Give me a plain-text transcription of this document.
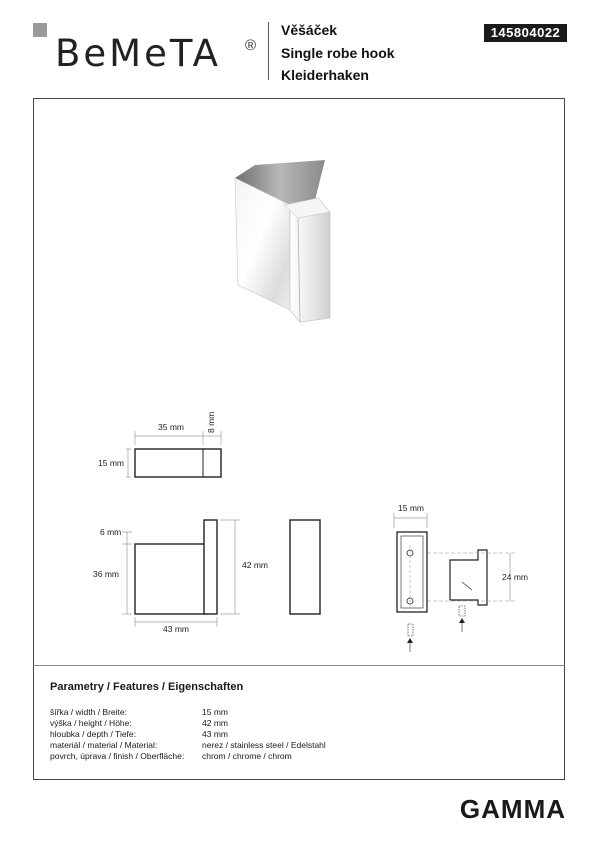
BeMeTA ®
Věšáček
Single robe hook
Kleiderhaken
145804022
35 mm	8 mm
15 mm
6 mm
36 mm
43 mm
42 mm
15 mm
24 mm
Parametry / Features / Eigenschaften
šířka / width / Breite:	15 mm
výška / height / Höhe:	42 mm
hloubka / depth / Tiefe:	43 mm
materiál / material / Material:	nerez / stainless steel / Edelstahl
povrch, úprava / finish / Oberfläche: chrom / chrome / chrom
GAMMA
